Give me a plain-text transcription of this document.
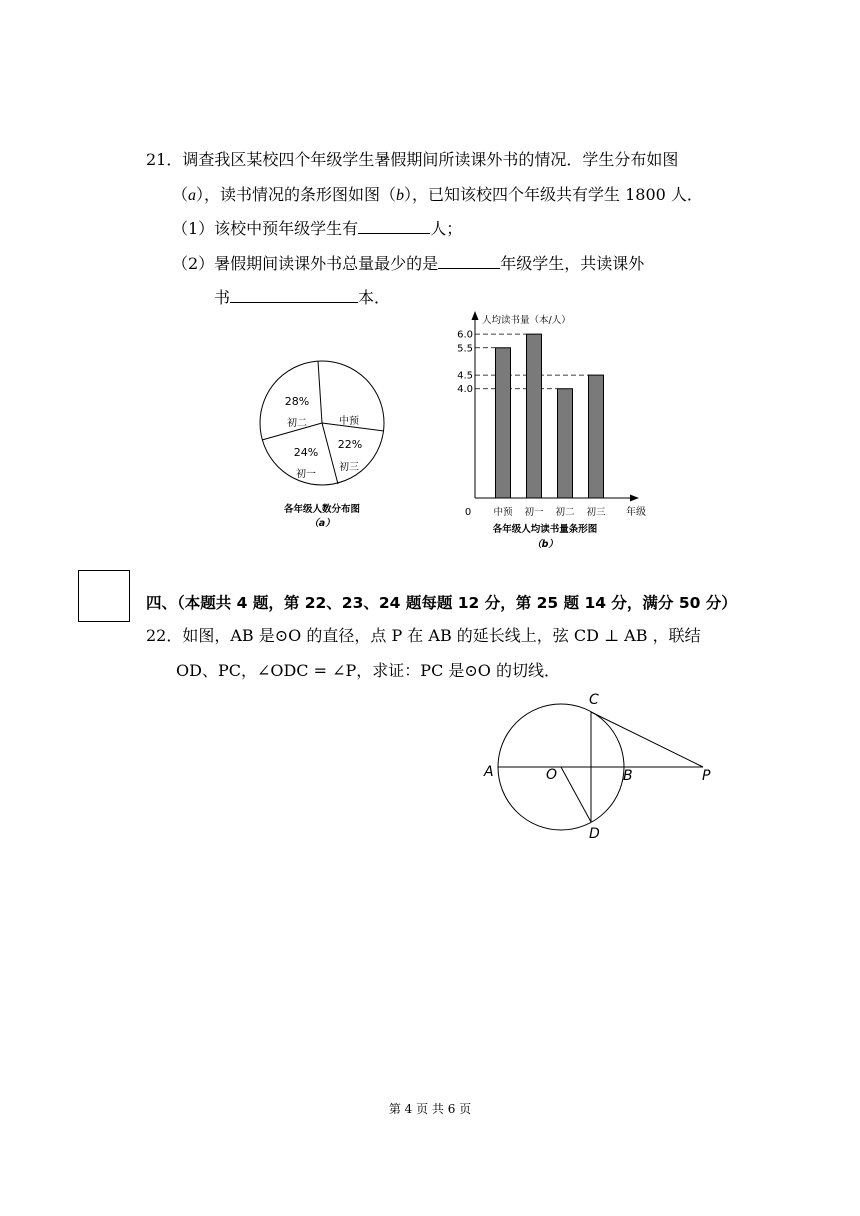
21．调查我区某校四个年级学生暑假期间所读课外书的情况．学生分布如图
（a），读书情况的条形图如图（b），已知该校四个年级共有学生 1800 人．
（1）该校中预年级学生有	人；
（2）暑假期间读课外书总量最少的是	年级学生，共读课外
书	本．
28%
初二	中预
22%
初三
24%
初一
各年级人数分布图
（a）
人均读书量（本/人）
年级
0
6.0
5.5
4.5
4.0
中预 初一 初二 初三
各年级人均读书量条形图
（b）
四、（本题共 4 题，第 22、23、24 题每题 12 分，第 25 题 14 分，满分 50 分）
22．如图，AB 是⊙O 的直径，点 P 在 AB 的延长线上，弦 CD ⊥ AB ，联结
OD、PC，∠ODC = ∠P，求证：PC 是⊙O 的切线．
A	O	B	P
C
D
第 4 页 共 6 页
